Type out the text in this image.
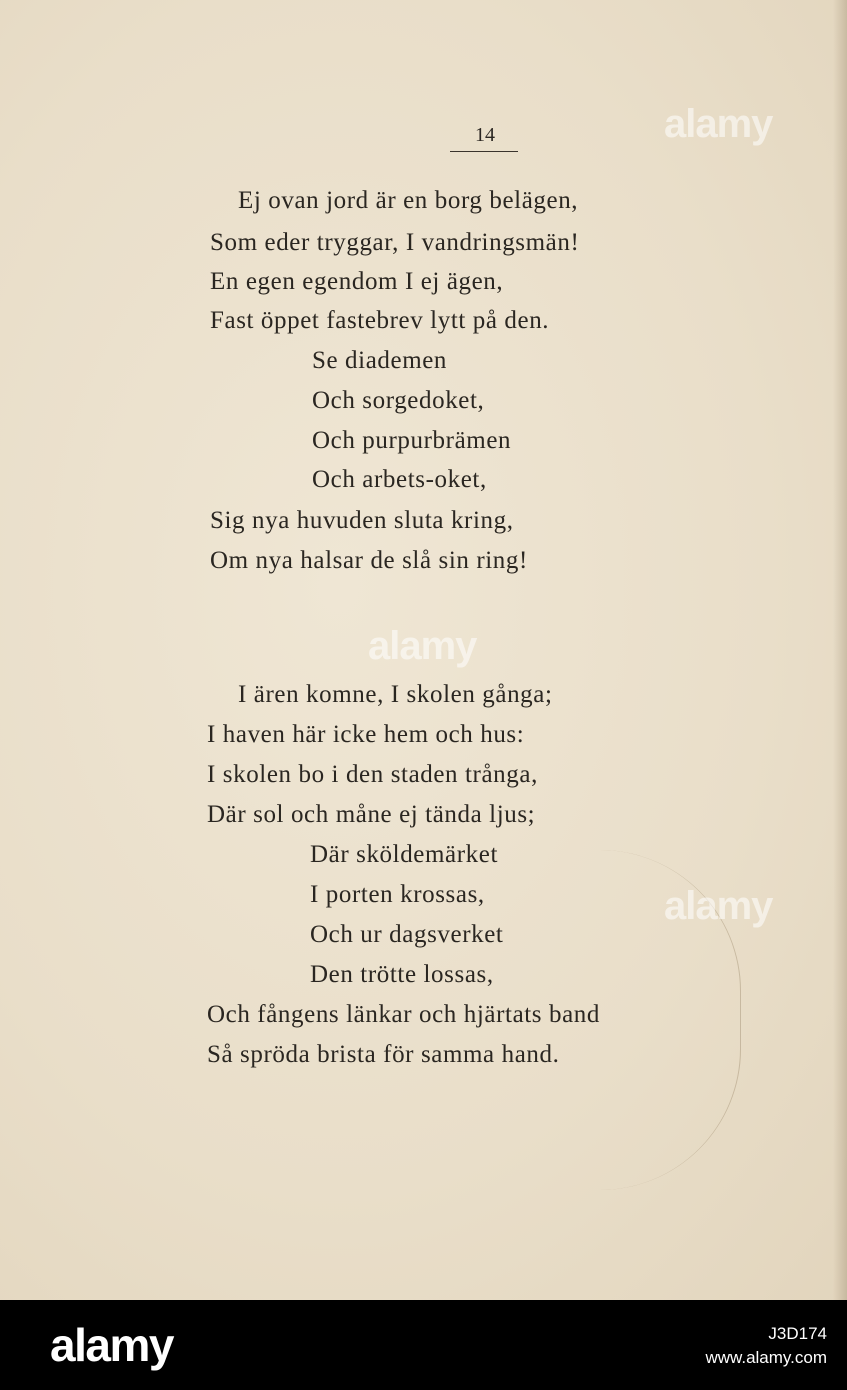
14
Ej ovan jord är en borg belägen,
Som eder tryggar, I vandringsmän!
En egen egendom I ej ägen,
Fast öppet fastebrev lytt på den.
Se diademen
Och sorgedoket,
Och purpurbrämen
Och arbets-oket,
Sig nya huvuden sluta kring,
Om nya halsar de slå sin ring!
I ären komne, I skolen gånga;
I haven här icke hem och hus:
I skolen bo i den staden trånga,
Där sol och måne ej tända ljus;
Där sköldemärket
I porten krossas,
Och ur dagsverket
Den trötte lossas,
Och fångens länkar och hjärtats band
Så spröda brista för samma hand.
alamy
alamy
alamy
alamy	J3D174
www.alamy.com
